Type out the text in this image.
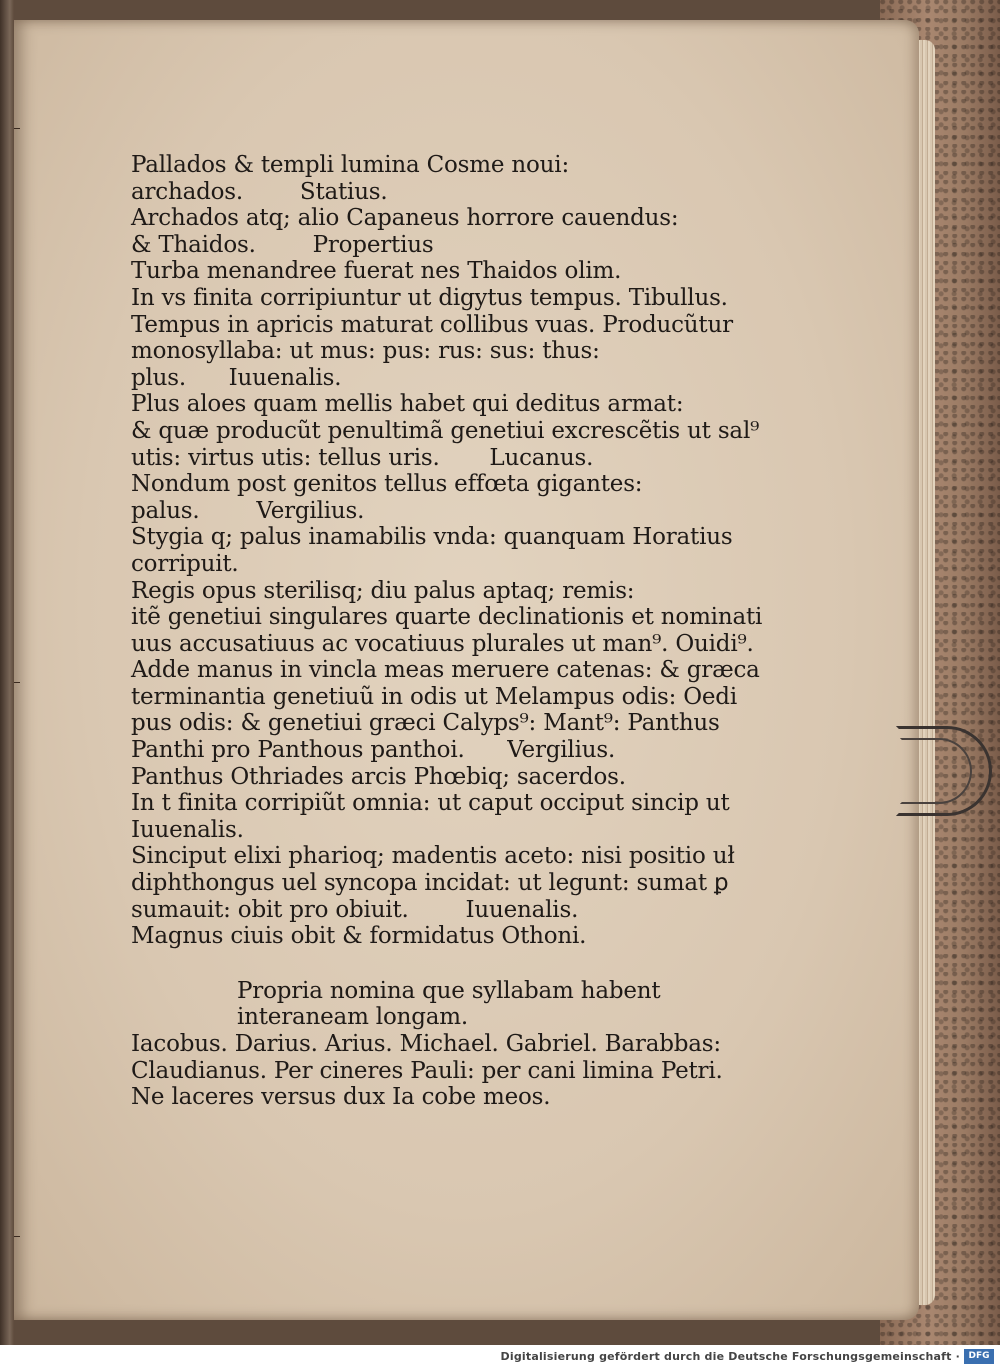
Pallados & templi lumina Cosme noui:
archados.        Statius.
Archados atq; alio Capaneus horrore cauendus:
& Thaidos.        Propertius
Turba menandree fuerat nes Thaidos olim.
In vs finita corripiuntur ut digytus tempus. Tibullus.
Tempus in apricis maturat collibus vuas. Producũtur
monosyllaba: ut mus: pus: rus: sus: thus:
plus.      Iuuenalis.
Plus aloes quam mellis habet qui deditus armat:
& quæ producũt penultimã genetiui excrescẽtis ut sal⁹
utis: virtus utis: tellus uris.       Lucanus.
Nondum post genitos tellus effœta gigantes:
palus.        Vergilius.
Stygia q; palus inamabilis vnda: quanquam Horatius
corripuit.
Regis opus sterilisq; diu palus aptaq; remis:
itẽ genetiui singulares quarte declinationis et nominati
uus accusatiuus ac vocatiuus plurales ut man⁹. Ouidi⁹.
Adde manus in vincla meas meruere catenas: & græca
terminantia genetiuũ in odis ut Melampus odis: Oedi
pus odis: & genetiui græci Calyps⁹: Mant⁹: Panthus
Panthi pro Panthous panthoi.      Vergilius.
Panthus Othriades arcis Phœbiq; sacerdos.
In t finita corripiũt omnia: ut caput occiput sincip ut
Iuuenalis.
Sinciput elixi pharioq; madentis aceto: nisi positio uł
diphthongus uel syncopa incidat: ut legunt: sumat ꝑ
sumauit: obit pro obiuit.        Iuuenalis.
Magnus ciuis obit & formidatus Othoni.
Propria nomina que syllabam habent
interaneam longam.
Iacobus. Darius. Arius. Michael. Gabriel. Barabbas:
Claudianus. Per cineres Pauli: per cani limina Petri.
Ne laceres versus dux Ia cobe meos.
Digitalisierung gefördert durch die Deutsche Forschungsgemeinschaft · DFG
